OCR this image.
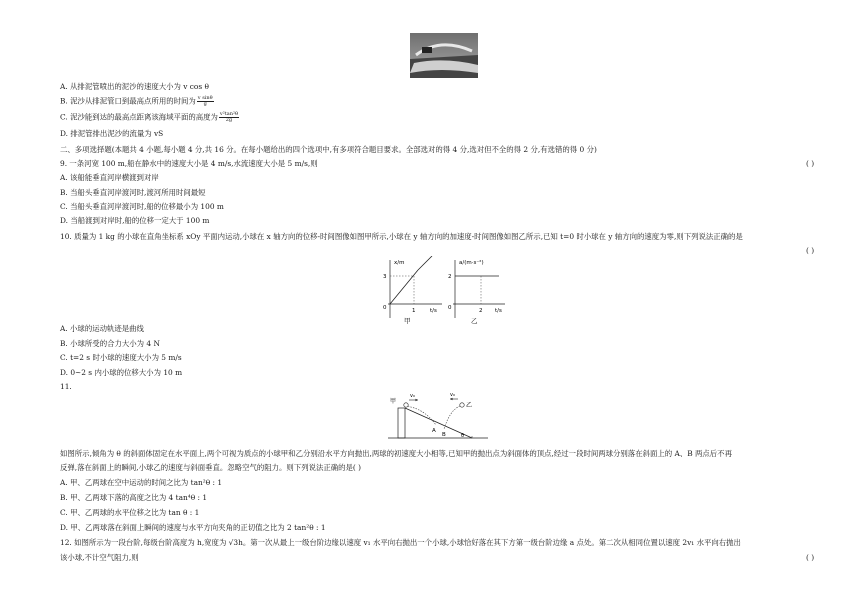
A. 从排泥管喷出的泥沙的速度大小为 v cos θ
B. 泥沙从排泥管口到最高点所用的时间为 $\frac{\text{v sinθ}}{g}$
C. 泥沙能到达的最高点距离该海域平面的高度为 $\frac{\text{v²tan²θ}}{2g}$
D. 排泥管排出泥沙的流量为 vS
二、多项选择题(本题共 4 小题,每小题 4 分,共 16 分。在每小题给出的四个选项中,有多项符合题目要求。全部选对的得 4 分,选对但不全的得 2 分,有选错的得 0 分)
9. 一条河宽 100 m,船在静水中的速度大小是 4 m/s,水流速度大小是 5 m/s,则	( )
A. 该船能垂直河岸横渡到对岸
B. 当船头垂直河岸渡河时,渡河所用时间最短
C. 当船头垂直河岸渡河时,船的位移最小为 100 m
D. 当船渡到对岸时,船的位移一定大于 100 m
10. 质量为 1 kg 的小球在直角坐标系 xOy 平面内运动,小球在 x 轴方向的位移-时间图像如图甲所示,小球在 y 轴方向的加速度-时间图像如图乙所示,已知 t=0 时小球在 y 轴方向的速度为零,则下列说法正确的是
( )
x/m
t/s
3
1
0
甲
a/(m·s⁻²)
t/s
2
2
0
乙
A. 小球的运动轨迹是曲线
B. 小球所受的合力大小为 4 N
C. t=2 s 时小球的速度大小为 5 m/s
D. 0~2 s 内小球的位移大小为 10 m
11.
甲
乙
v₀	v₀
A
B	θ
如图所示,倾角为 θ 的斜面体固定在水平面上,两个可视为质点的小球甲和乙分别沿水平方向抛出,两球的初速度大小相等,已知甲的抛出点为斜面体的顶点,经过一段时间两球分别落在斜面上的 A、B 两点后不再
反弹,落在斜面上的瞬间,小球乙的速度与斜面垂直。忽略空气的阻力。则下列说法正确的是( )
A. 甲、乙两球在空中运动的时间之比为 tan²θ : 1
B. 甲、乙两球下落的高度之比为 4 tan⁴θ : 1
C. 甲、乙两球的水平位移之比为 tan θ : 1
D. 甲、乙两球落在斜面上瞬间的速度与水平方向夹角的正切值之比为 2 tan²θ : 1
12. 如图所示为一段台阶,每级台阶高度为 h,宽度为 √3h。第一次从最上一级台阶边缘以速度 v₁ 水平向右抛出一个小球,小球恰好落在其下方第一级台阶边缘 a 点处。第二次从相同位置以速度 2v₁ 水平向右抛出
该小球,不计空气阻力,则	( )
